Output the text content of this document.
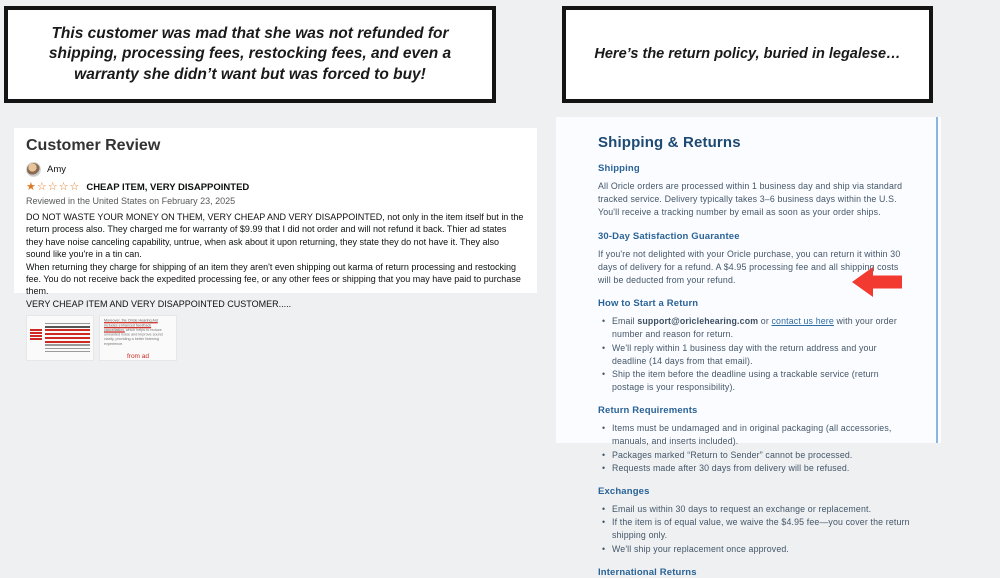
This customer was mad that she was not refunded for shipping, processing fees, restocking fees, and even a warranty she didn’t want but was forced to buy!

Here’s the return policy, buried in legalese…

Customer Review
Amy
★☆☆☆☆ CHEAP ITEM, VERY DISAPPOINTED
Reviewed in the United States on February 23, 2025

DO NOT WASTE YOUR MONEY ON THEM, VERY CHEAP AND VERY DISAPPOINTED, not only in the item itself but in the return process also. They charged me for warranty of $9.99 that I did not order and will not refund it back. Thier ad states they have noise canceling capability, untrue, when ask about it upon returning, they state they do not have it. They also sound like you're in a tin can.

When returning they charge for shipping of an item they aren't even shipping out karma of return processing and restocking fee. You do not receive back the expedited processing fee, or any other fees or shipping that you may have paid to purchase them.

VERY CHEAP ITEM AND VERY DISAPPOINTED CUSTOMER.....

Moreover, the Oricle Hearing Aid includes enhanced feedback cancellation, which helps to reduce unwanted noise and improve sound clarity, providing a better listening experience.

from ad
Shipping & Returns
Shipping

All Oricle orders are processed within 1 business day and ship via standard tracked service. Delivery typically takes 3–6 business days within the U.S. You'll receive a tracking number by email as soon as your order ships.

30-Day Satisfaction Guarantee

If you're not delighted with your Oricle purchase, you can return it within 30 days of delivery for a refund. A $4.95 processing fee and all shipping costs will be deducted from your refund.

How to Start a Return
• Email support@oriclehearing.com or contact us here with your order number and reason for return.
• We'll reply within 1 business day with the return address and your deadline (14 days from that email).
• Ship the item before the deadline using a trackable service (return postage is your responsibility).
Return Requirements
• Items must be undamaged and in original packaging (all accessories, manuals, and inserts included).
• Packages marked “Return to Sender” cannot be processed.
• Requests made after 30 days from delivery will be refused.
Exchanges
• Email us within 30 days to request an exchange or replacement.
• If the item is of equal value, we waive the $4.95 fee—you cover the return shipping only.
• We'll ship your replacement once approved.
International Returns
